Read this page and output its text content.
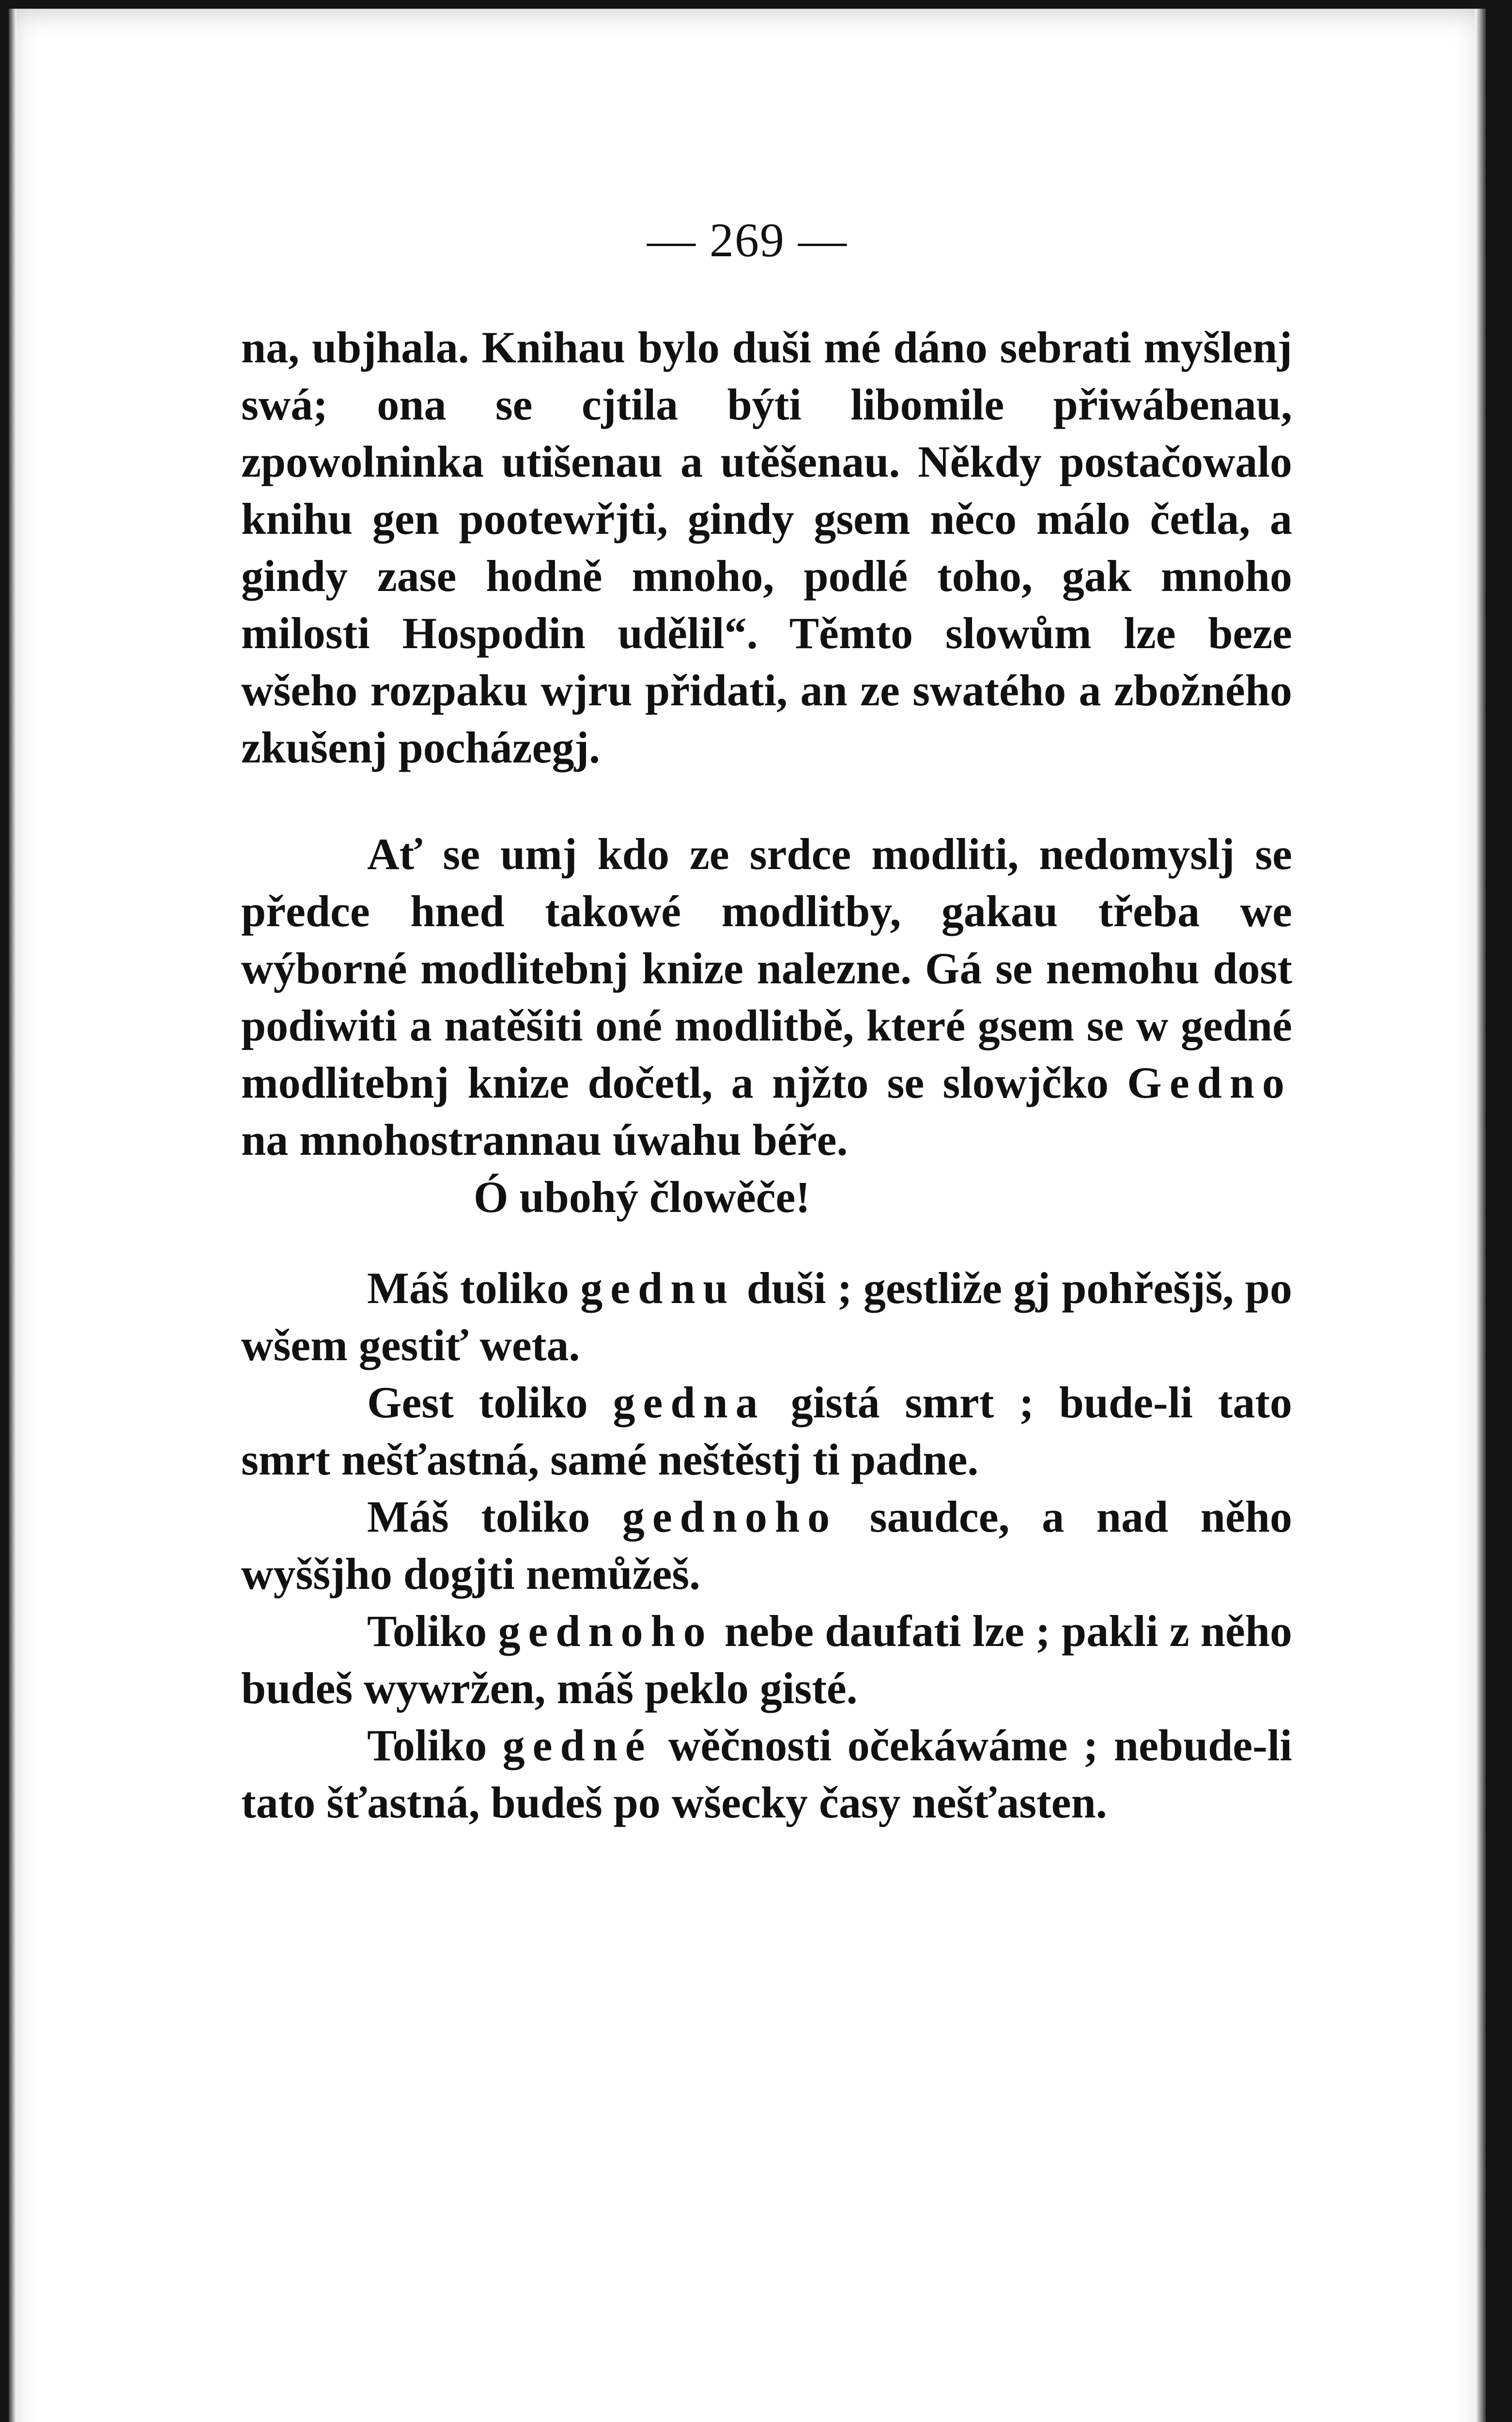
— 269 —

na, ubjhala. Knihau bylo duši mé dáno sebrati myšlenj swá; ona se cjtila býti libomile přiwábenau, zpowolninka utišenau a utěšenau. Někdy postačowalo knihu gen pootewřjti, gindy gsem něco málo četla, a gindy zase hodně mnoho, podlé toho, gak mnoho milosti Hospodin udělil“. Těmto slowům lze beze wšeho rozpaku wjru přidati, an ze swatého a zbožného zkušenj pocházegj.

Ať se umj kdo ze srdce modliti, nedomyslj se předce hned takowé modlitby, gakau třeba we wýborné modlitebnj knize nalezne. Gá se nemohu dost podiwiti a natěšiti oné modlitbě, které gsem se w gedné modlitebnj knize dočetl, a njžto se slowjčko Gedno na mnohostrannau úwahu béře.

Ó ubohý člowěče!

Máš toliko gednu duši ; gestliže gj pohřešjš, po wšem gestiť weta.

Gest toliko gedna gistá smrt ; bude-li tato smrt nešťastná, samé neštěstj ti padne.

Máš toliko gednoho saudce, a nad něho wyššjho dogjti nemůžeš.

Toliko gednoho nebe daufati lze ; pakli z něho budeš wywržen, máš peklo gisté.

Toliko gedné wěčnosti očekáwáme ; nebude-li tato šťastná, budeš po wšecky časy nešťasten.
